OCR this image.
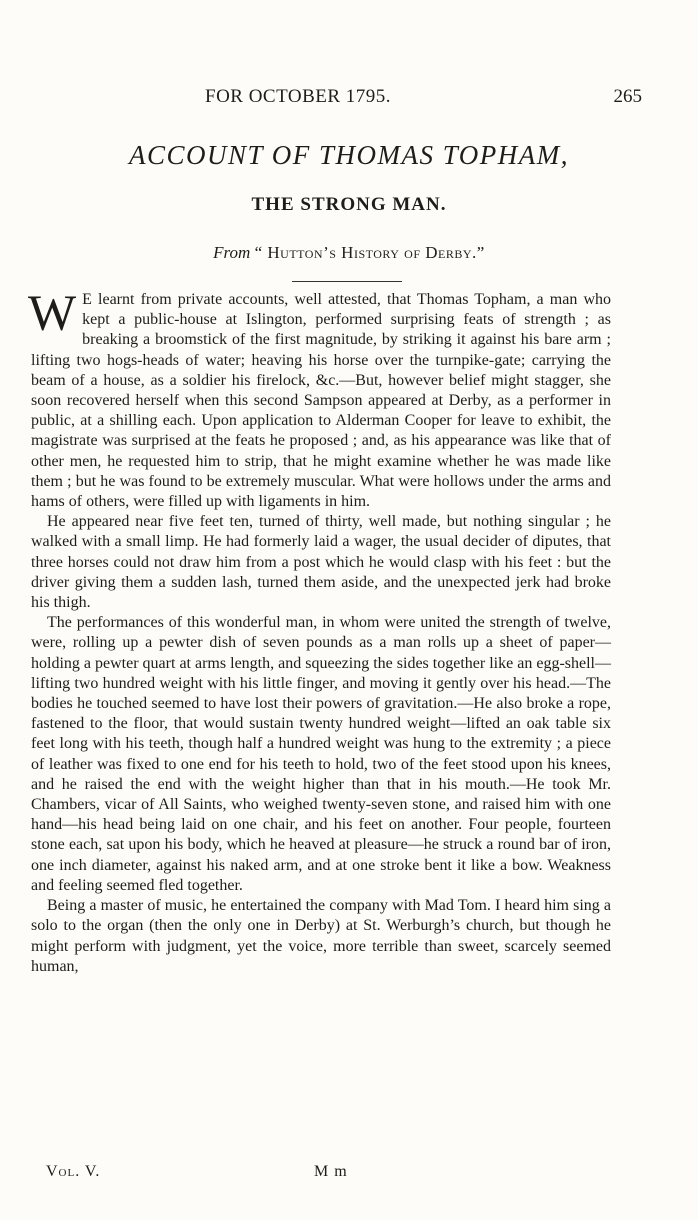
FOR OCTOBER 1795.	265
ACCOUNT OF THOMAS TOPHAM,
THE STRONG MAN.
From “ Hutton’s History of Derby.”

W E learnt from private accounts, well attested, that Thomas Topham, a man who kept a public-house at Islington, performed surprising feats of strength ; as breaking a broomstick of the first magnitude, by striking it against his bare arm ; lifting two hogs-heads of water; heaving his horse over the turnpike-gate; carrying the beam of a house, as a soldier his firelock, &c.—But, however belief might stagger, she soon recovered herself when this second Sampson appeared at Derby, as a performer in public, at a shilling each. Upon application to Alderman Cooper for leave to exhibit, the magistrate was surprised at the feats he proposed ; and, as his appearance was like that of other men, he requested him to strip, that he might examine whether he was made like them ; but he was found to be extremely muscular. What were hollows under the arms and hams of others, were filled up with ligaments in him.

He appeared near five feet ten, turned of thirty, well made, but nothing singular ; he walked with a small limp. He had formerly laid a wager, the usual decider of diputes, that three horses could not draw him from a post which he would clasp with his feet : but the driver giving them a sudden lash, turned them aside, and the unexpected jerk had broke his thigh.

The performances of this wonderful man, in whom were united the strength of twelve, were, rolling up a pewter dish of seven pounds as a man rolls up a sheet of paper—holding a pewter quart at arms length, and squeezing the sides together like an egg-shell—lifting two hundred weight with his little finger, and moving it gently over his head.—The bodies he touched seemed to have lost their powers of gravitation.—He also broke a rope, fastened to the floor, that would sustain twenty hundred weight—lifted an oak table six feet long with his teeth, though half a hundred weight was hung to the extremity ; a piece of leather was fixed to one end for his teeth to hold, two of the feet stood upon his knees, and he raised the end with the weight higher than that in his mouth.—He took Mr. Chambers, vicar of All Saints, who weighed twenty-seven stone, and raised him with one hand—his head being laid on one chair, and his feet on another. Four people, fourteen stone each, sat upon his body, which he heaved at pleasure—he struck a round bar of iron, one inch diameter, against his naked arm, and at one stroke bent it like a bow. Weakness and feeling seemed fled together.

Being a master of music, he entertained the company with Mad Tom. I heard him sing a solo to the organ (then the only one in Derby) at St. Werburgh’s church, but though he might perform with judgment, yet the voice, more terrible than sweet, scarcely seemed human,

Vol. V.	M m
